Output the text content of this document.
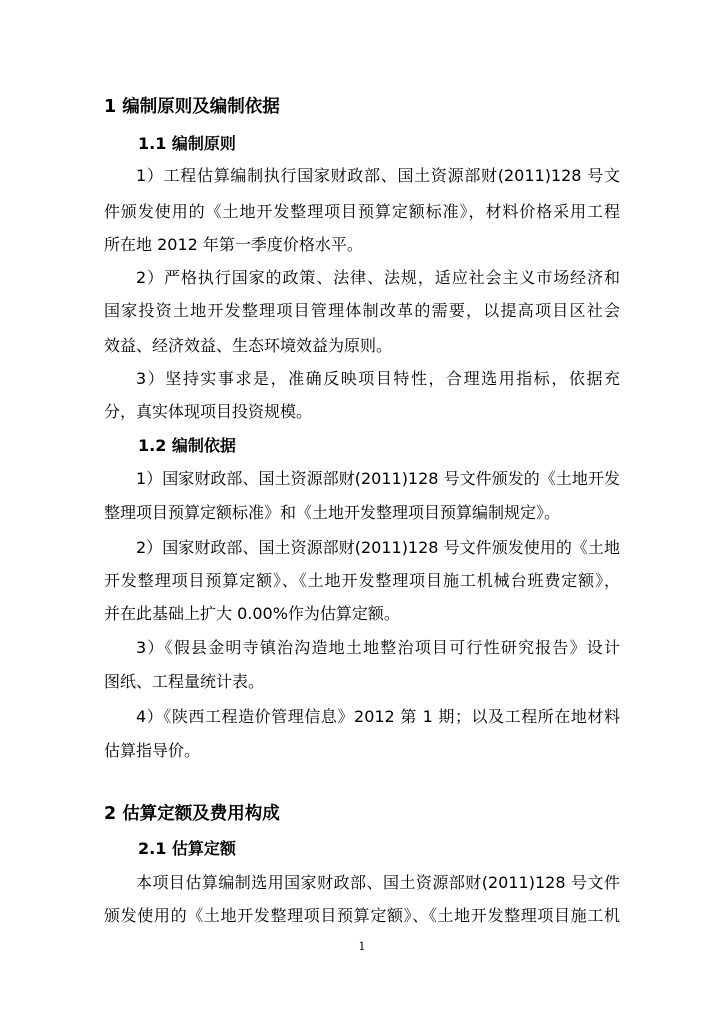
1 编制原则及编制依据
1.1 编制原则
1）工程估算编制执行国家财政部、国土资源部财(2011)128 号文
件颁发使用的《土地开发整理项目预算定额标准》，材料价格采用工程
所在地 2012 年第一季度价格水平。
2）严格执行国家的政策、法律、法规，适应社会主义市场经济和
国家投资土地开发整理项目管理体制改革的需要，以提高项目区社会
效益、经济效益、生态环境效益为原则。
3）坚持实事求是，准确反映项目特性，合理选用指标，依据充
分，真实体现项目投资规模。
1.2 编制依据
1）国家财政部、国土资源部财(2011)128 号文件颁发的《土地开发
整理项目预算定额标准》和《土地开发整理项目预算编制规定》。
2）国家财政部、国土资源部财(2011)128 号文件颁发使用的《土地
开发整理项目预算定额》、《土地开发整理项目施工机械台班费定额》，
并在此基础上扩大 0.00%作为估算定额。
3）《假县金明寺镇治沟造地土地整治项目可行性研究报告》设计
图纸、工程量统计表。
4）《陕西工程造价管理信息》2012 第 1 期；以及工程所在地材料
估算指导价。
2 估算定额及费用构成
2.1 估算定额
本项目估算编制选用国家财政部、国土资源部财(2011)128 号文件
颁发使用的《土地开发整理项目预算定额》、《土地开发整理项目施工机
1
